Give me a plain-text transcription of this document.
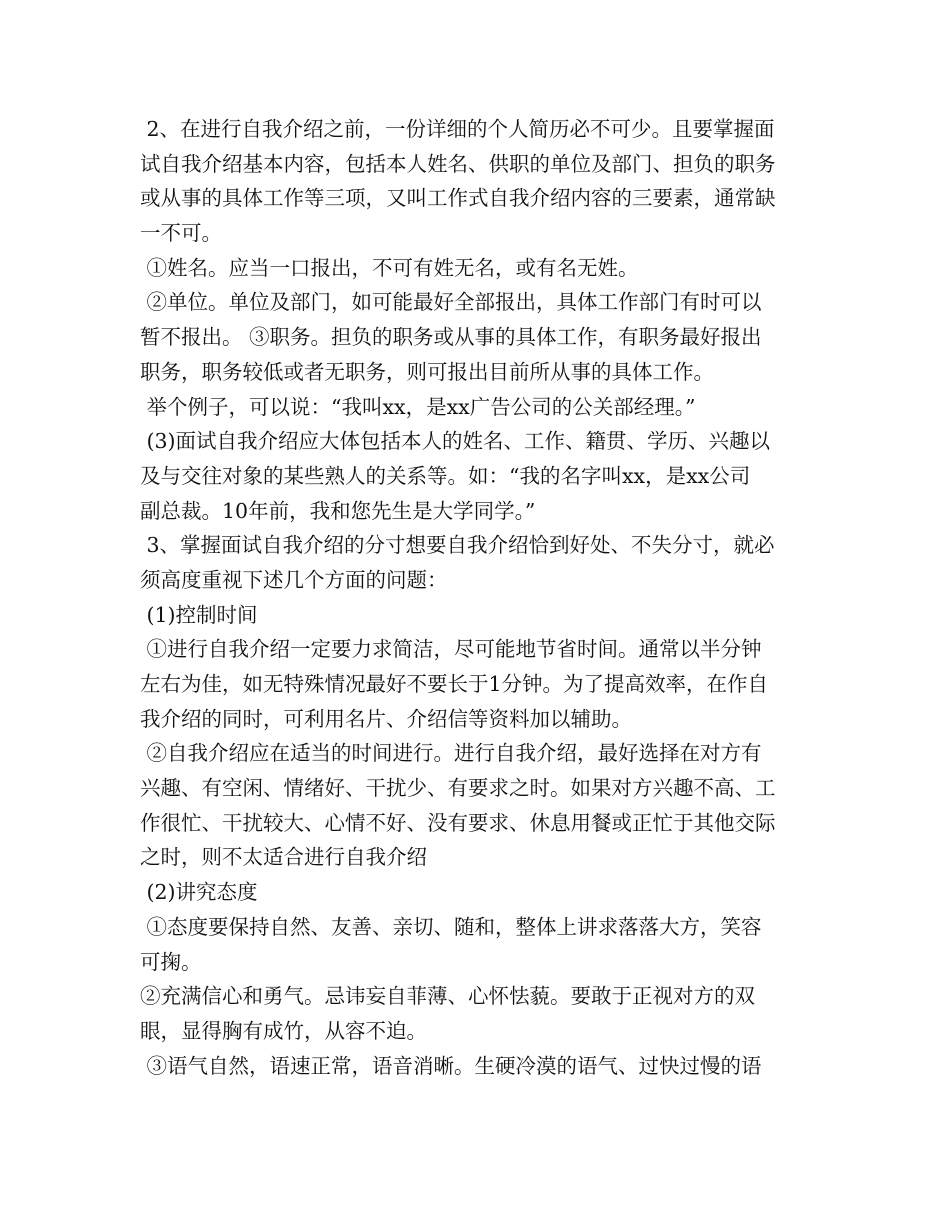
2、在进行自我介绍之前，一份详细的个人简历必不可少。且要掌握面
试自我介绍基本内容，包括本人姓名、供职的单位及部门、担负的职务
或从事的具体工作等三项，又叫工作式自我介绍内容的三要素，通常缺
一不可。
①姓名。应当一口报出，不可有姓无名，或有名无姓。
②单位。单位及部门，如可能最好全部报出，具体工作部门有时可以
暂不报出。 ③职务。担负的职务或从事的具体工作，有职务最好报出
职务，职务较低或者无职务，则可报出目前所从事的具体工作。
举个例子，可以说：“我叫xx，是xx广告公司的公关部经理。”
(3)面试自我介绍应大体包括本人的姓名、工作、籍贯、学历、兴趣以
及与交往对象的某些熟人的关系等。如：“我的名字叫xx，是xx公司
副总裁。10年前，我和您先生是大学同学。”
3、掌握面试自我介绍的分寸想要自我介绍恰到好处、不失分寸，就必
须高度重视下述几个方面的问题：
(1)控制时间
①进行自我介绍一定要力求简洁，尽可能地节省时间。通常以半分钟
左右为佳，如无特殊情况最好不要长于1分钟。为了提高效率，在作自
我介绍的同时，可利用名片、介绍信等资料加以辅助。
②自我介绍应在适当的时间进行。进行自我介绍，最好选择在对方有
兴趣、有空闲、情绪好、干扰少、有要求之时。如果对方兴趣不高、工
作很忙、干扰较大、心情不好、没有要求、休息用餐或正忙于其他交际
之时，则不太适合进行自我介绍
(2)讲究态度
①态度要保持自然、友善、亲切、随和，整体上讲求落落大方，笑容
可掬。
②充满信心和勇气。忌讳妄自菲薄、心怀怯藐。要敢于正视对方的双
眼，显得胸有成竹，从容不迫。
③语气自然，语速正常，语音消晰。生硬冷漠的语气、过快过慢的语
